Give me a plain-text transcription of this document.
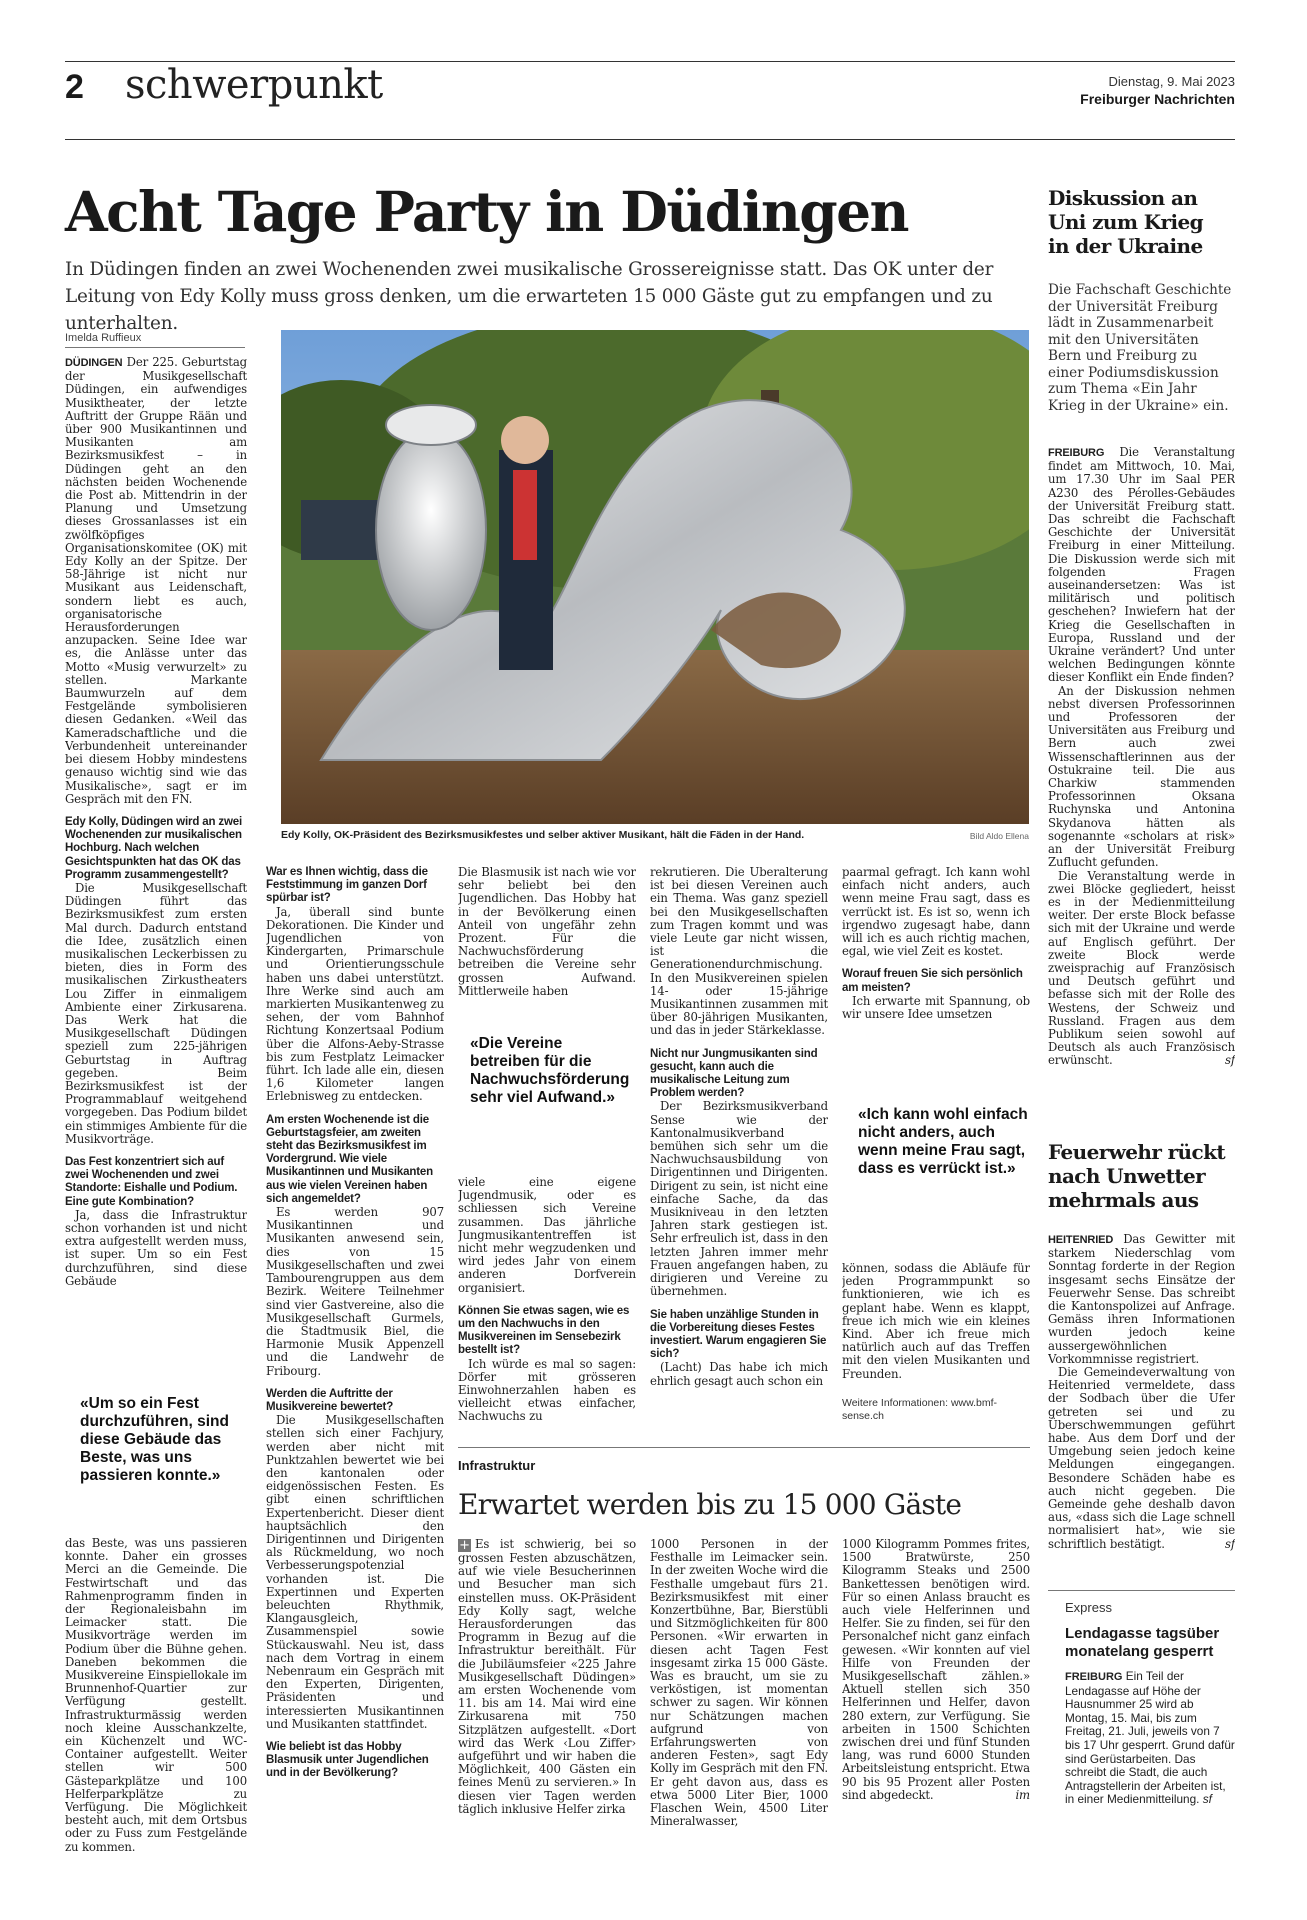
2 schwerpunkt	Dienstag, 9. Mai 2023
Freiburger Nachrichten
Acht Tage Party in Düdingen
In Düdingen finden an zwei Wochenenden zwei musikalische Grossereignisse statt. Das OK unter der Leitung von Edy Kolly muss gross denken, um die erwarteten 15 000 Gäste gut zu empfangen und zu unterhalten.
Imelda Ruffieux

DÜDINGEN Der 225. Geburtstag der Musikgesellschaft Düdingen, ein aufwendiges Musiktheater, der letzte Auftritt der Gruppe Rään und über 900 Musikantinnen und Musikanten am Bezirksmusikfest – in Düdingen geht an den nächsten beiden Wochenende die Post ab. Mittendrin in der Planung und Umsetzung dieses Grossanlasses ist ein zwölfköpfiges Organisationskomitee (OK) mit Edy Kolly an der Spitze. Der 58-Jährige ist nicht nur Musikant aus Leidenschaft, sondern liebt es auch, organisatorische Herausforderungen anzupacken. Seine Idee war es, die Anlässe unter das Motto «Musig verwurzelt» zu stellen. Markante Baumwurzeln auf dem Festgelände symbolisieren diesen Gedanken. «Weil das Kameradschaftliche und die Verbundenheit untereinander bei diesem Hobby mindestens genauso wichtig sind wie das Musikalische», sagt er im Gespräch mit den FN.

Edy Kolly, Düdingen wird an zwei Wochenenden zur musikalischen Hochburg. Nach welchen Gesichtspunkten hat das OK das Programm zusammengestellt?

Die Musikgesellschaft Düdingen führt das Bezirksmusikfest zum ersten Mal durch. Dadurch entstand die Idee, zusätzlich einen musikalischen Leckerbissen zu bieten, dies in Form des musikalischen Zirkustheaters Lou Ziffer in einmaligem Ambiente einer Zirkusarena. Das Werk hat die Musikgesellschaft Düdingen speziell zum 225-jährigen Geburtstag in Auftrag gegeben. Beim Bezirksmusikfest ist der Programmablauf weitgehend vorgegeben. Das Podium bildet ein stimmiges Ambiente für die Musikvorträge.

Das Fest konzentriert sich auf zwei Wochenenden und zwei Standorte: Eishalle und Podium. Eine gute Kombination?

Ja, dass die Infrastruktur schon vorhanden ist und nicht extra aufgestellt werden muss, ist super. Um so ein Fest durchzuführen, sind diese Gebäude

«Um so ein Fest durchzuführen, sind diese Gebäude das Beste, was uns passieren konnte.»

das Beste, was uns passieren konnte. Daher ein grosses Merci an die Gemeinde. Die Festwirtschaft und das Rahmenprogramm finden in der Regionaleisbahn im Leimacker statt. Die Musikvorträge werden im Podium über die Bühne gehen. Daneben bekommen die Musikvereine Einspiellokale im Brunnenhof-Quartier zur Verfügung gestellt. Infrastrukturmässig werden noch kleine Ausschankzelte, ein Küchenzelt und WC-Container aufgestellt. Weiter stellen wir 500 Gästeparkplätze und 100 Helferparkplätze zu Verfügung. Die Möglichkeit besteht auch, mit dem Ortsbus oder zu Fuss zum Festgelände zu kommen.

Edy Kolly, OK-Präsident des Bezirksmusikfestes und selber aktiver Musikant, hält die Fäden in der Hand.	Bild Aldo Ellena

War es Ihnen wichtig, dass die Feststimmung im ganzen Dorf spürbar ist?

Ja, überall sind bunte Dekorationen. Die Kinder und Jugendlichen von Kindergarten, Primarschule und Orientierungsschule haben uns dabei unterstützt. Ihre Werke sind auch am markierten Musikantenweg zu sehen, der vom Bahnhof Richtung Konzertsaal Podium über die Alfons-Aeby-Strasse bis zum Festplatz Leimacker führt. Ich lade alle ein, diesen 1,6 Kilometer langen Erlebnisweg zu entdecken.

Am ersten Wochenende ist die Geburtstagsfeier, am zweiten steht das Bezirksmusikfest im Vordergrund. Wie viele Musikantinnen und Musikanten aus wie vielen Vereinen haben sich angemeldet?

Es werden 907 Musikantinnen und Musikanten anwesend sein, dies von 15 Musikgesellschaften und zwei Tambourengruppen aus dem Bezirk. Weitere Teilnehmer sind vier Gastvereine, also die Musikgesellschaft Gurmels, die Stadtmusik Biel, die Harmonie Musik Appenzell und die Landwehr de Fribourg.

Werden die Auftritte der Musikvereine bewertet?

Die Musikgesellschaften stellen sich einer Fachjury, werden aber nicht mit Punktzahlen bewertet wie bei den kantonalen oder eidgenössischen Festen. Es gibt einen schriftlichen Expertenbericht. Dieser dient hauptsächlich den Dirigentinnen und Dirigenten als Rückmeldung, wo noch Verbesserungspotenzial vorhanden ist. Die Expertinnen und Experten beleuchten Rhythmik, Klangausgleich, Zusammenspiel sowie Stückauswahl. Neu ist, dass nach dem Vortrag in einem Nebenraum ein Gespräch mit den Experten, Dirigenten, Präsidenten und interessierten Musikantinnen und Musikanten stattfindet.

Wie beliebt ist das Hobby Blasmusik unter Jugendlichen und in der Bevölkerung?

Die Blasmusik ist nach wie vor sehr beliebt bei den Jugendlichen. Das Hobby hat in der Bevölkerung einen Anteil von ungefähr zehn Prozent. Für die Nachwuchsförderung betreiben die Vereine sehr grossen Aufwand. Mittlerweile haben

«Die Vereine betreiben für die Nachwuchsförderung sehr viel Aufwand.»

viele eine eigene Jugendmusik, oder es schliessen sich Vereine zusammen. Das jährliche Jungmusikantentreffen ist nicht mehr wegzudenken und wird jedes Jahr von einem anderen Dorfverein organisiert.

Können Sie etwas sagen, wie es um den Nachwuchs in den Musikvereinen im Sensebezirk bestellt ist?

Ich würde es mal so sagen: Dörfer mit grösseren Einwohnerzahlen haben es vielleicht etwas einfacher, Nachwuchs zu

rekrutieren. Die Überalterung ist bei diesen Vereinen auch ein Thema. Was ganz speziell bei den Musikgesellschaften zum Tragen kommt und was viele Leute gar nicht wissen, ist die Generationendurchmischung. In den Musikvereinen spielen 14- oder 15-jährige Musikantinnen zusammen mit über 80-jährigen Musikanten, und das in jeder Stärkeklasse.

Nicht nur Jungmusikanten sind gesucht, kann auch die musikalische Leitung zum Problem werden?

Der Bezirksmusikverband Sense wie der Kantonalmusikverband bemühen sich sehr um die Nachwuchsausbildung von Dirigentinnen und Dirigenten. Dirigent zu sein, ist nicht eine einfache Sache, da das Musikniveau in den letzten Jahren stark gestiegen ist. Sehr erfreulich ist, dass in den letzten Jahren immer mehr Frauen angefangen haben, zu dirigieren und Vereine zu übernehmen.

Sie haben unzählige Stunden in die Vorbereitung dieses Festes investiert. Warum engagieren Sie sich?

(Lacht) Das habe ich mich ehrlich gesagt auch schon ein

paarmal gefragt. Ich kann wohl einfach nicht anders, auch wenn meine Frau sagt, dass es verrückt ist. Es ist so, wenn ich irgendwo zugesagt habe, dann will ich es auch richtig machen, egal, wie viel Zeit es kostet.

Worauf freuen Sie sich persönlich am meisten?

Ich erwarte mit Spannung, ob wir unsere Idee umsetzen

«Ich kann wohl einfach nicht anders, auch wenn meine Frau sagt, dass es verrückt ist.»

können, sodass die Abläufe für jeden Programmpunkt so funktionieren, wie ich es geplant habe. Wenn es klappt, freue ich mich wie ein kleines Kind. Aber ich freue mich natürlich auch auf das Treffen mit den vielen Musikanten und Freunden.

Weitere Informationen: www.bmf-sense.ch
Infrastruktur
Erwartet werden bis zu 15 000 Gäste

+ Es ist schwierig, bei so grossen Festen abzuschätzen, auf wie viele Besucherinnen und Besucher man sich einstellen muss. OK-Präsident Edy Kolly sagt, welche Herausforderungen das Programm in Bezug auf die Infrastruktur bereithält. Für die Jubiläumsfeier «225 Jahre Musikgesellschaft Düdingen» am ersten Wochenende vom 11. bis am 14. Mai wird eine Zirkusarena mit 750 Sitzplätzen aufgestellt. «Dort wird das Werk ‹Lou Ziffer› aufgeführt und wir haben die Möglichkeit, 400 Gästen ein feines Menü zu servieren.» In diesen vier Tagen werden täglich inklusive Helfer zirka

1000 Personen in der Festhalle im Leimacker sein. In der zweiten Woche wird die Festhalle umgebaut fürs 21. Bezirksmusikfest mit einer Konzertbühne, Bar, Bierstübli und Sitzmöglichkeiten für 800 Personen. «Wir erwarten in diesen acht Tagen Fest insgesamt zirka 15 000 Gäste. Was es braucht, um sie zu verköstigen, ist momentan schwer zu sagen. Wir können nur Schätzungen machen aufgrund von Erfahrungswerten von anderen Festen», sagt Edy Kolly im Gespräch mit den FN. Er geht davon aus, dass es etwa 5000 Liter Bier, 1000 Flaschen Wein, 4500 Liter Mineralwasser,

1000 Kilogramm Pommes frites, 1500 Bratwürste, 250 Kilogramm Steaks und 2500 Bankettessen benötigen wird. Für so einen Anlass braucht es auch viele Helferinnen und Helfer. Sie zu finden, sei für den Personalchef nicht ganz einfach gewesen. «Wir konnten auf viel Hilfe von Freunden der Musikgesellschaft zählen.» Aktuell stellen sich 350 Helferinnen und Helfer, davon 280 extern, zur Verfügung. Sie arbeiten in 1500 Schichten zwischen drei und fünf Stunden lang, was rund 6000 Stunden Arbeitsleistung entspricht. Etwa 90 bis 95 Prozent aller Posten sind abgedeckt.	im

Diskussion an Uni zum Krieg in der Ukraine
Die Fachschaft Geschichte der Universität Freiburg lädt in Zusammenarbeit mit den Universitäten Bern und Freiburg zu einer Podiumsdiskussion zum Thema «Ein Jahr Krieg in der Ukraine» ein.

FREIBURG Die Veranstaltung findet am Mittwoch, 10. Mai, um 17.30 Uhr im Saal PER A230 des Pérolles-Gebäudes der Universität Freiburg statt. Das schreibt die Fachschaft Geschichte der Universität Freiburg in einer Mitteilung. Die Diskussion werde sich mit folgenden Fragen auseinandersetzen: Was ist militärisch und politisch geschehen? Inwiefern hat der Krieg die Gesellschaften in Europa, Russland und der Ukraine verändert? Und unter welchen Bedingungen könnte dieser Konflikt ein Ende finden?

An der Diskussion nehmen nebst diversen Professorinnen und Professoren der Universitäten aus Freiburg und Bern auch zwei Wissenschaftlerinnen aus der Ostukraine teil. Die aus Charkiw stammenden Professorinnen Oksana Ruchynska und Antonina Skydanova hätten als sogenannte «scholars at risk» an der Universität Freiburg Zuflucht gefunden.

Die Veranstaltung werde in zwei Blöcke gegliedert, heisst es in der Medienmitteilung weiter. Der erste Block befasse sich mit der Ukraine und werde auf Englisch geführt. Der zweite Block werde zweisprachig auf Französisch und Deutsch geführt und befasse sich mit der Rolle des Westens, der Schweiz und Russland. Fragen aus dem Publikum seien sowohl auf Deutsch als auch Französisch erwünscht.	sf

Feuerwehr rückt nach Unwetter mehrmals aus

HEITENRIED Das Gewitter mit starkem Niederschlag vom Sonntag forderte in der Region insgesamt sechs Einsätze der Feuerwehr Sense. Das schreibt die Kantonspolizei auf Anfrage. Gemäss ihren Informationen wurden jedoch keine aussergewöhnlichen Vorkommnisse registriert.

Die Gemeindeverwaltung von Heitenried vermeldete, dass der Sodbach über die Ufer getreten sei und zu Überschwemmungen geführt habe. Aus dem Dorf und der Umgebung seien jedoch keine Meldungen eingegangen. Besondere Schäden habe es auch nicht gegeben. Die Gemeinde gehe deshalb davon aus, «dass sich die Lage schnell normalisiert hat», wie sie schriftlich bestätigt.	sf

Express
Lendagasse tagsüber monatelang gesperrt
FREIBURG Ein Teil der Lendagasse auf Höhe der Hausnummer 25 wird ab Montag, 15. Mai, bis zum Freitag, 21. Juli, jeweils von 7 bis 17 Uhr gesperrt. Grund dafür sind Gerüstarbeiten. Das schreibt die Stadt, die auch Antragstellerin der Arbeiten ist, in einer Medienmitteilung. sf
